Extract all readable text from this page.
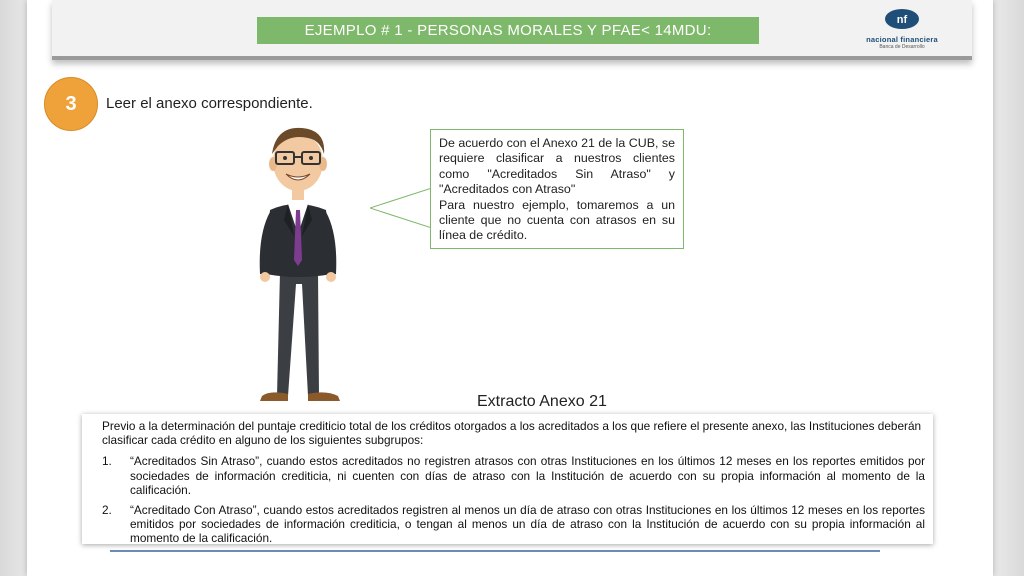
EJEMPLO # 1 - PERSONAS MORALES Y PFAE< 14MDU:
nf
nacional financiera
Banca de Desarrollo
3	Leer el anexo correspondiente.

De acuerdo con el Anexo 21 de la CUB, se requiere clasificar a nuestros clientes como "Acreditados Sin Atraso" y "Acreditados con Atraso"

Para nuestro ejemplo, tomaremos a un cliente que no cuenta con atrasos en su línea de crédito.

Extracto Anexo 21

Previo a la determinación del puntaje crediticio total de los créditos otorgados a los acreditados a los que refiere el presente anexo, las Instituciones deberán clasificar cada crédito en alguno de los siguientes subgrupos:

1.	“Acreditados Sin Atraso”, cuando estos acreditados no registren atrasos con otras Instituciones en los últimos 12 meses en los reportes emitidos por sociedades de información crediticia, ni cuenten con días de atraso con la Institución de acuerdo con su propia información al momento de la calificación.
2.	“Acreditado Con Atraso”, cuando estos acreditados registren al menos un día de atraso con otras Instituciones en los últimos 12 meses en los reportes emitidos por sociedades de información crediticia, o tengan al menos un día de atraso con la Institución de acuerdo con su propia información al momento de la calificación.
